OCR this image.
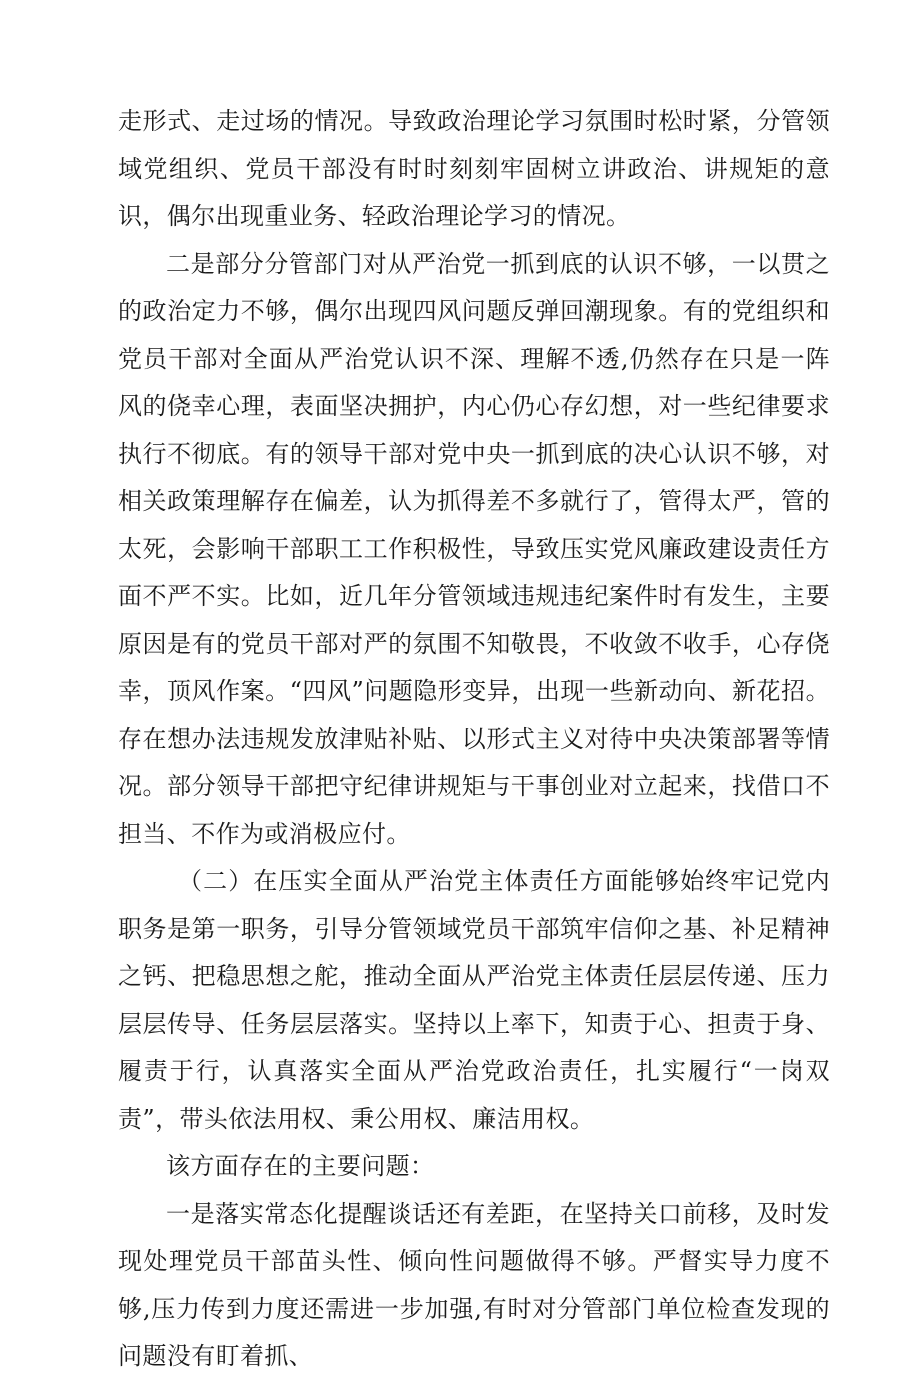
走形式、走过场的情况。导致政治理论学习氛围时松时紧，分管领域党组织、党员干部没有时时刻刻牢固树立讲政治、讲规矩的意识，偶尔出现重业务、轻政治理论学习的情况。

二是部分分管部门对从严治党一抓到底的认识不够，一以贯之的政治定力不够，偶尔出现四风问题反弹回潮现象。有的党组织和党员干部对全面从严治党认识不深、理解不透,仍然存在只是一阵风的侥幸心理，表面坚决拥护，内心仍心存幻想，对一些纪律要求执行不彻底。有的领导干部对党中央一抓到底的决心认识不够，对相关政策理解存在偏差，认为抓得差不多就行了，管得太严，管的太死，会影响干部职工工作积极性，导致压实党风廉政建设责任方面不严不实。比如，近几年分管领域违规违纪案件时有发生，主要原因是有的党员干部对严的氛围不知敬畏，不收敛不收手，心存侥幸，顶风作案。“四风”问题隐形变异，出现一些新动向、新花招。存在想办法违规发放津贴补贴、以形式主义对待中央决策部署等情况。部分领导干部把守纪律讲规矩与干事创业对立起来，找借口不担当、不作为或消极应付。

（二）在压实全面从严治党主体责任方面能够始终牢记党内职务是第一职务，引导分管领域党员干部筑牢信仰之基、补足精神之钙、把稳思想之舵，推动全面从严治党主体责任层层传递、压力层层传导、任务层层落实。坚持以上率下，知责于心、担责于身、履责于行，认真落实全面从严治党政治责任，扎实履行“一岗双责”，带头依法用权、秉公用权、廉洁用权。

该方面存在的主要问题：

一是落实常态化提醒谈话还有差距，在坚持关口前移，及时发现处理党员干部苗头性、倾向性问题做得不够。严督实导力度不够,压力传到力度还需进一步加强,有时对分管部门单位检查发现的问题没有盯着抓、
